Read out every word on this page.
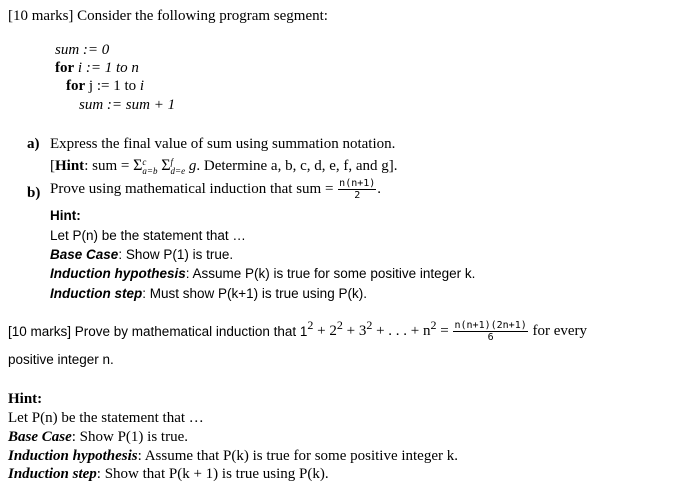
[10 marks] Consider the following program segment:
sum := 0
for i := 1 to n
for j := 1 to i
sum := sum + 1
a) Express the final value of sum using summation notation.
[Hint: sum = Σ c
a=b Σ f
d=e g. Determine a, b, c, d, e, f, and g].
b) Prove using mathematical induction that sum = $\frac{n(n+1)}{2}$ .
Hint:
Let P(n) be the statement that …
Base Case: Show P(1) is true.
Induction hypothesis: Assume P(k) is true for some positive integer k.
Induction step: Must show P(k+1) is true using P(k).
[10 marks] Prove by mathematical induction that $1^2 + 2^2 + 3^2$ + . . . + $n^2 = \frac{n(n+1)(2n+1)}{6}$ for every
positive integer n.
Hint:
Let P(n) be the statement that …
Base Case: Show P(1) is true.
Induction hypothesis: Assume that P(k) is true for some positive integer k.
Induction step: Show that P(k + 1) is true using P(k).
